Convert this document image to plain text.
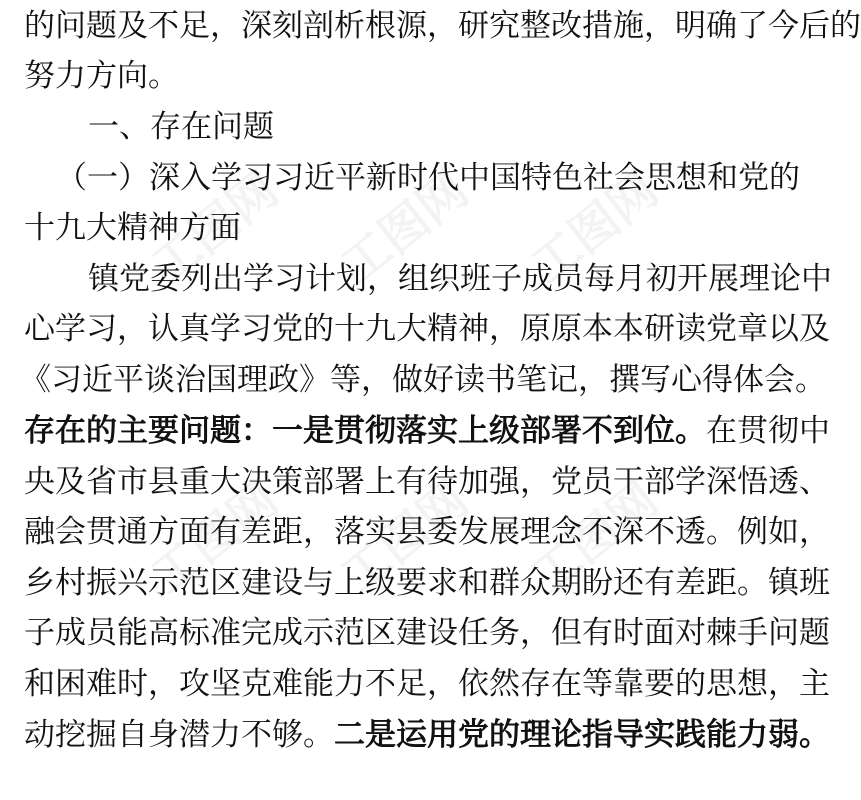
的问题及不足，深刻剖析根源，研究整改措施，明确了今后的
努力方向。
一、存在问题
（一）深入学习习近平新时代中国特色社会思想和党的
十九大精神方面
镇党委列出学习计划，组织班子成员每月初开展理论中
心学习，认真学习党的十九大精神，原原本本研读党章以及
《习近平谈治国理政》等，做好读书笔记，撰写心得体会。
存在的主要问题：一是贯彻落实上级部署不到位。在贯彻中
央及省市县重大决策部署上有待加强，党员干部学深悟透、
融会贯通方面有差距，落实县委发展理念不深不透。例如，
乡村振兴示范区建设与上级要求和群众期盼还有差距。镇班
子成员能高标准完成示范区建设任务，但有时面对棘手问题
和困难时，攻坚克难能力不足，依然存在等靠要的思想，主
动挖掘自身潜力不够。二是运用党的理论指导实践能力弱。
